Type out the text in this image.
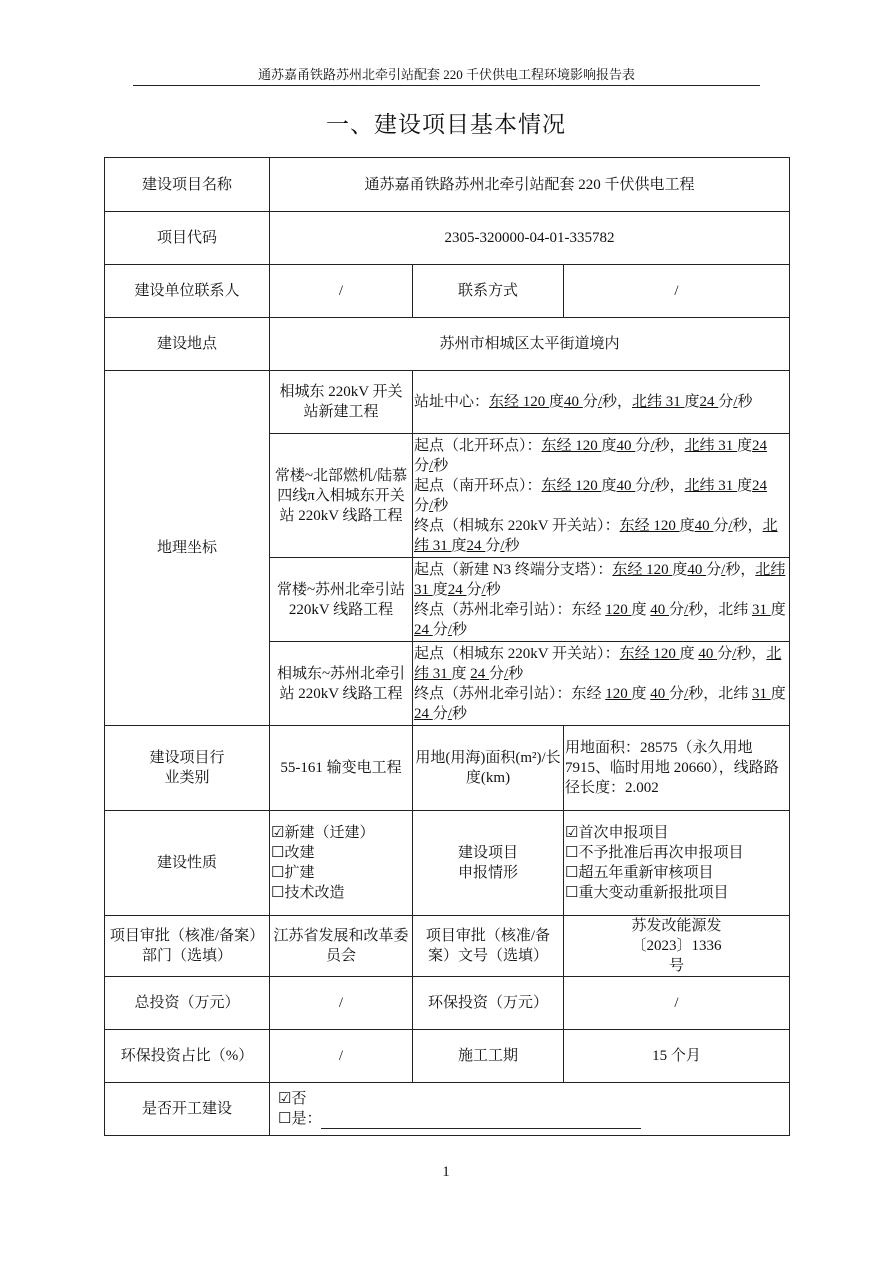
通苏嘉甬铁路苏州北牵引站配套 220 千伏供电工程环境影响报告表
一、建设项目基本情况
建设项目名称	通苏嘉甬铁路苏州北牵引站配套 220 千伏供电工程		
项目代码	2305-320000-04-01-335782		
建设单位联系人	/	联系方式	/
建设地点	苏州市相城区太平街道境内		
地理坐标	相城东 220kV 开关站新建工程	站址中心：东经 120 度40 分/秒，北纬 31 度24 分/秒	

	常楼~北部燃机/陆慕四线π入相城东开关站 220kV 线路工程	起点（北开环点）：东经 120 度40 分/秒，北纬 31 度24 分/秒
起点（南开环点）：东经 120 度40 分/秒，北纬 31 度24 分/秒
终点（相城东 220kV 开关站）：东经 120 度40 分/秒，北纬 31 度24 分/秒	

	常楼~苏州北牵引站 220kV 线路工程	起点（新建 N3 终端分支塔）：东经 120 度40 分/秒，北纬 31 度24 分/秒
终点（苏州北牵引站）：东经 120 度 40 分/秒，北纬 31 度 24 分/秒	

	相城东~苏州北牵引站 220kV 线路工程	起点（相城东 220kV 开关站）：东经 120 度 40 分/秒，北纬 31 度 24 分/秒
终点（苏州北牵引站）：东经 120 度 40 分/秒，北纬 31 度 24 分/秒	

建设项目行业类别	55-161 输变电工程	用地(用海)面积(m²)/长度(km)	用地面积：28575（永久用地 7915、临时用地 20660），线路路径长度：2.002
建设性质	☑新建（迁建）
☐改建
☐扩建
☐技术改造	建设项目申报情形	☑首次申报项目
☐不予批准后再次申报项目
☐超五年重新审核项目
☐重大变动重新报批项目

项目审批（核准/备案）部门（选填）	江苏省发展和改革委员会	项目审批（核准/备案）文号（选填）	苏发改能源发〔2023〕1336 号
总投资（万元）	/	环保投资（万元）	/
环保投资占比（%）	/	施工工期	15 个月
是否开工建设	☑否
☐是：		
1
